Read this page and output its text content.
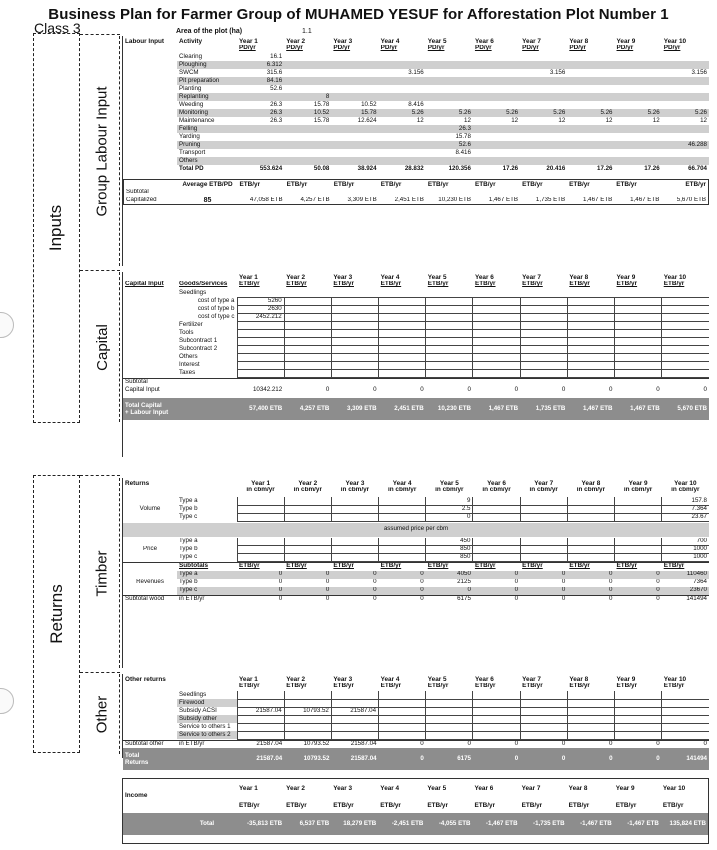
Business Plan for Farmer Group of MUHAMED YESUF for Afforestation Plot Number 1
Class 3	Area of the plot (ha)	1.1
Inputs
Returns
Group Labour Input
Capital
Timber
Other
Labour Input	Activity	Year 1	Year 2	Year 3	Year 4	Year 5	Year 6	Year 7	Year 8	Year 9	Year 10
		PD/yr	PD/yr	PD/yr	PD/yr	PD/yr	PD/yr	PD/yr	PD/yr	PD/yr	PD/yr
	Clearing	16.1									
	Ploughing	6.312									
	SWCM	315.6			3.156			3.156			3.156
	Pit preparation	84.16									
	Planting	52.6									
	Replanting		8								
	Weeding	26.3	15.78	10.52	8.416						
	Monitoring	26.3	10.52	15.78	5.26	5.26	5.26	5.26	5.26	5.26	5.26
	Maintenance	26.3	15.78	12.624	12	12	12	12	12	12	12
	Felling					26.3					
	Yarding					15.78					
	Pruning					52.6					46.288
	Transport					8.416					
	Others										
	Total PD	553.624	50.08	38.924	28.832	120.356	17.26	20.416	17.26	17.26	66.704
	Average ETB/PD	ETB/yr	ETB/yr	ETB/yr	ETB/yr	ETB/yr	ETB/yr	ETB/yr	ETB/yr	ETB/yr	ETB/yr
Subtotal											
Capitalized	85	47,058 ETB	4,257 ETB	3,309 ETB	2,451 ETB	10,230 ETB	1,467 ETB	1,735 ETB	1,467 ETB	1,467 ETB	5,670 ETB
		Year 1	Year 2	Year 3	Year 4	Year 5	Year 6	Year 7	Year 8	Year 9	Year 10
Capital Input	Goods/Services	ETB/yr	ETB/yr	ETB/yr	ETB/yr	ETB/yr	ETB/yr	ETB/yr	ETB/yr	ETB/yr	ETB/yr
	Seedlings										
	cost of type a	5260									
	cost of type b	2630									
	cost of type c	2452.212									
	Fertilizer										
	Tools										
	Subcontract 1										
	Subcontract 2										
	Others										
	Interest										
	Taxes										
Subtotal											
Capital Input		10342.212	0	0	0	0	0	0	0	0	0
Total Capital
+ Labour Input	57,400 ETB	4,257 ETB	3,309 ETB	2,451 ETB	10,230 ETB	1,467 ETB	1,735 ETB	1,467 ETB	1,467 ETB	5,670 ETB
Returns		Year 1	Year 2	Year 3	Year 4	Year 5	Year 6	Year 7	Year 8	Year 9	Year 10
		in cbm/yr	in cbm/yr	in cbm/yr	in cbm/yr	in cbm/yr	in cbm/yr	in cbm/yr	in cbm/yr	in cbm/yr	in cbm/yr
	Type a					9					157.8
Volume	Type b					2.5					7.364
	Type c					0					23.67
assumed price per cbm
	Type a					450					700
Price	Type b					850					1000
	Type c					850					1000
	Subtotals	ETB/yr	ETB/yr	ETB/yr	ETB/yr	ETB/yr	ETB/yr	ETB/yr	ETB/yr	ETB/yr	ETB/yr
	Type a	0	0	0	0	4050	0	0	0	0	110460
Revenues	Type b	0	0	0	0	2125	0	0	0	0	7364
	Type c	0	0	0	0	0	0	0	0	0	23670
Subtotal wood	in ETB/yr	0	0	0	0	6175	0	0	0	0	141494
Other returns		Year 1	Year 2	Year 3	Year 4	Year 5	Year 6	Year 7	Year 8	Year 9	Year 10
		ETB/yr	ETB/yr	ETB/yr	ETB/yr	ETB/yr	ETB/yr	ETB/yr	ETB/yr	ETB/yr	ETB/yr
	Seedlings										
	Firewood										
	Subsidy ACSI	21587.04	10793.52	21587.04							
	Subsidy other										
	Service to others 1										
	Service to others 2										
Subtotal other	in ETB/yr	21587.04	10793.52	21587.04	0	0	0	0	0	0	0
Total
Returns	21587.04	10793.52	21587.04	0	6175	0	0	0	0	141494
Income		Year 1	Year 2	Year 3	Year 4	Year 5	Year 6	Year 7	Year 8	Year 9	Year 10
		ETB/yr	ETB/yr	ETB/yr	ETB/yr	ETB/yr	ETB/yr	ETB/yr	ETB/yr	ETB/yr	ETB/yr
	Total	-35,813 ETB	6,537 ETB	18,279 ETB	-2,451 ETB	-4,055 ETB	-1,467 ETB	-1,735 ETB	-1,467 ETB	-1,467 ETB	135,824 ETB
